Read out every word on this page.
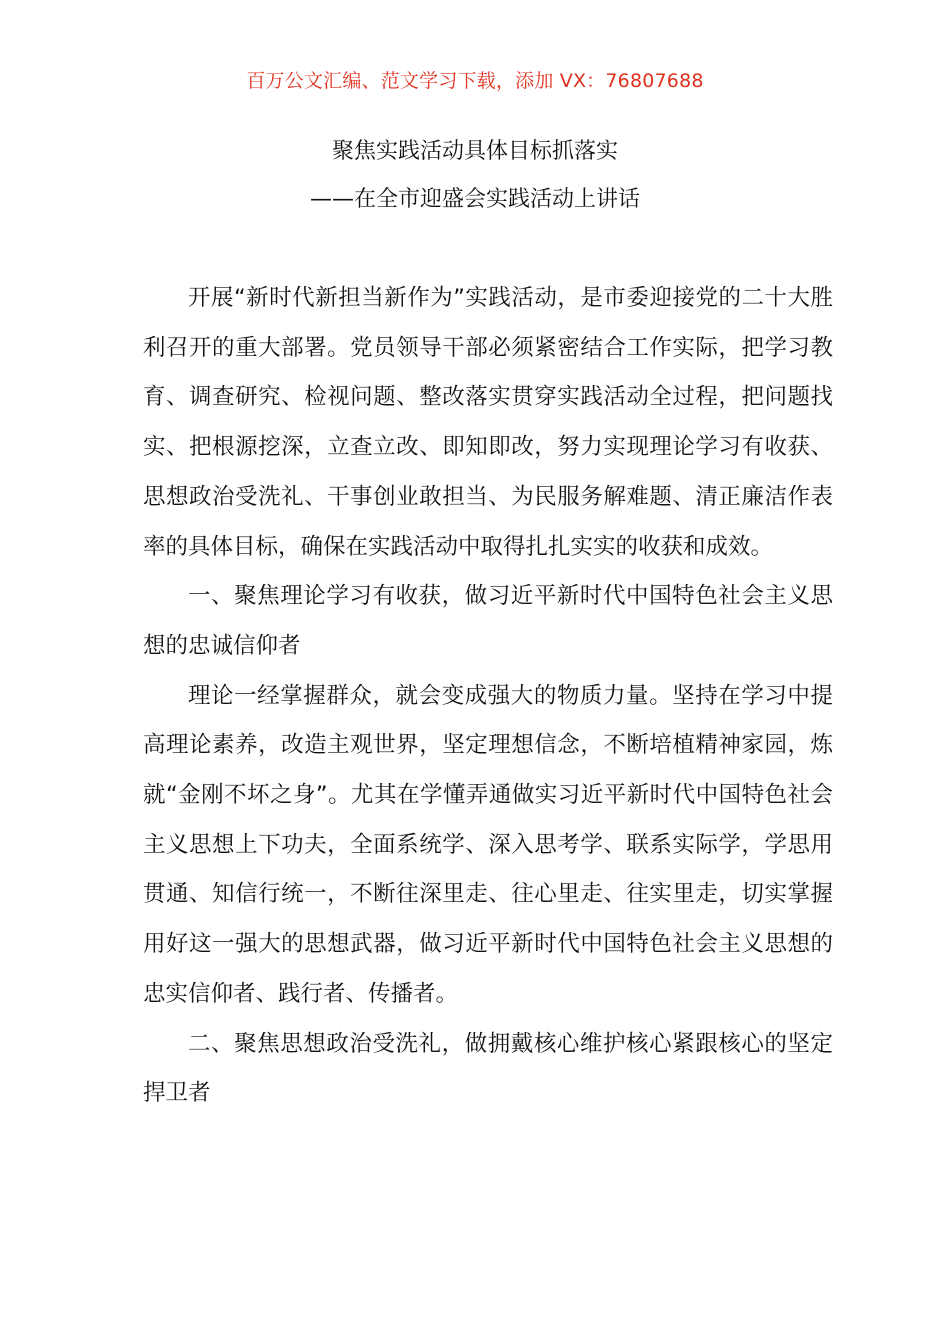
百万公文汇编、范文学习下载，添加 VX：76807688
聚焦实践活动具体目标抓落实
——在全市迎盛会实践活动上讲话

开展“新时代新担当新作为”实践活动，是市委迎接党的二十大胜利召开的重大部署。党员领导干部必须紧密结合工作实际，把学习教育、调查研究、检视问题、整改落实贯穿实践活动全过程，把问题找实、把根源挖深，立查立改、即知即改，努力实现理论学习有收获、思想政治受洗礼、干事创业敢担当、为民服务解难题、清正廉洁作表率的具体目标，确保在实践活动中取得扎扎实实的收获和成效。

一、聚焦理论学习有收获，做习近平新时代中国特色社会主义思想的忠诚信仰者

理论一经掌握群众，就会变成强大的物质力量。坚持在学习中提高理论素养，改造主观世界，坚定理想信念，不断培植精神家园，炼就“金刚不坏之身”。尤其在学懂弄通做实习近平新时代中国特色社会主义思想上下功夫，全面系统学、深入思考学、联系实际学，学思用贯通、知信行统一，不断往深里走、往心里走、往实里走，切实掌握用好这一强大的思想武器，做习近平新时代中国特色社会主义思想的忠实信仰者、践行者、传播者。

二、聚焦思想政治受洗礼，做拥戴核心维护核心紧跟核心的坚定捍卫者
